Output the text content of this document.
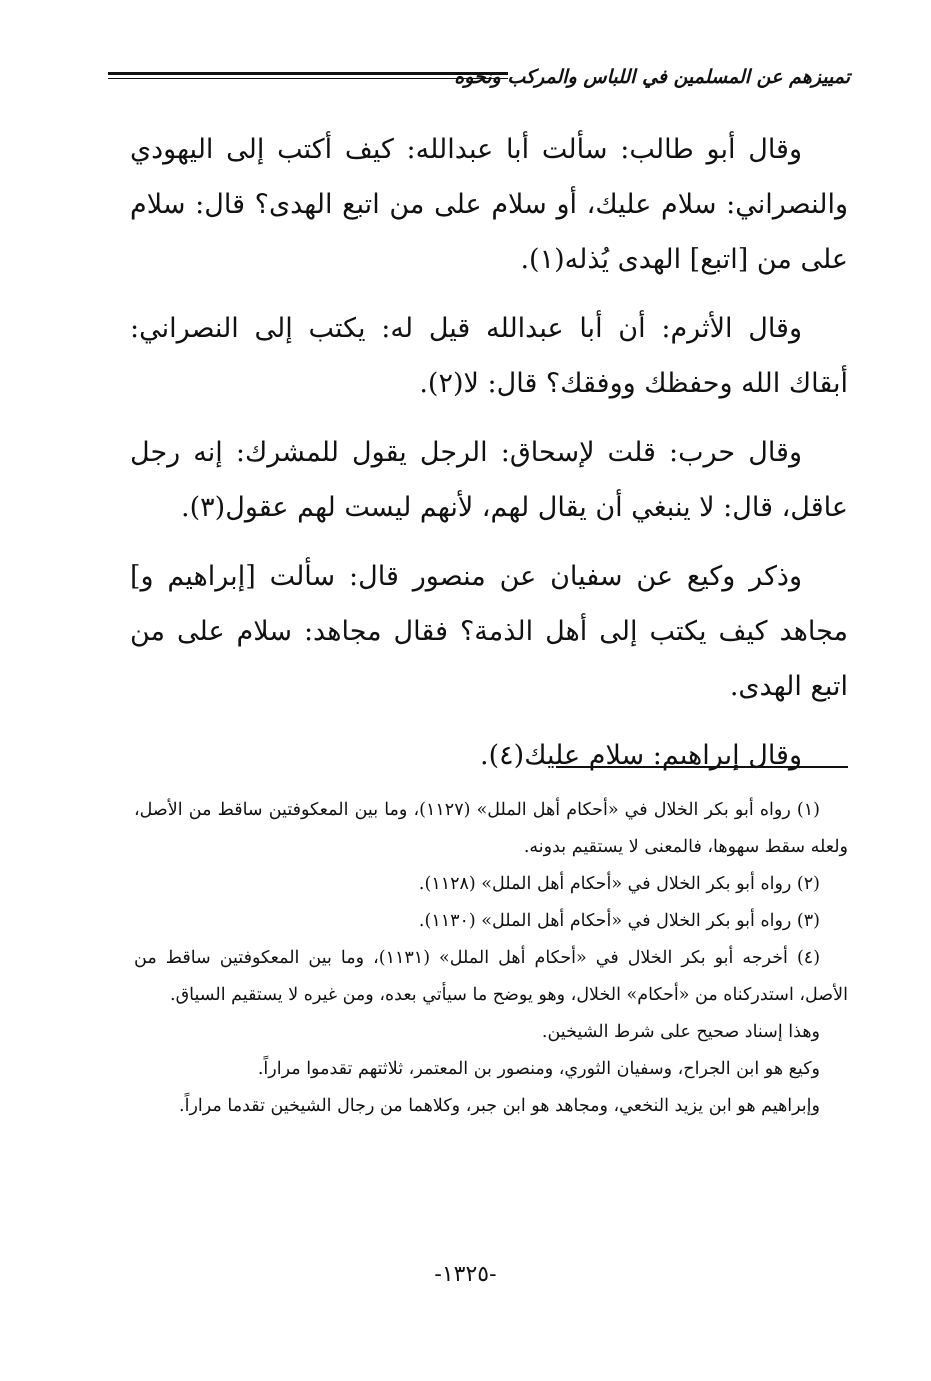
تمييزهم عن المسلمين في اللباس والمركب ونحوه

وقال أبو طالب: سألت أبا عبدالله: كيف أكتب إلى اليهودي والنصراني: سلام عليك، أو سلام على من اتبع الهدى؟ قال: سلام على من [اتبع] الهدى يُذله(١).

وقال الأثرم: أن أبا عبدالله قيل له: يكتب إلى النصراني: أبقاك الله وحفظك ووفقك؟ قال: لا(٢).

وقال حرب: قلت لإسحاق: الرجل يقول للمشرك: إنه رجل عاقل، قال: لا ينبغي أن يقال لهم، لأنهم ليست لهم عقول(٣).

وذكر وكيع عن سفيان عن منصور قال: سألت [إبراهيم و] مجاهد كيف يكتب إلى أهل الذمة؟ فقال مجاهد: سلام على من اتبع الهدى.

وقال إبراهيم: سلام عليك(٤).

(١) رواه أبو بكر الخلال في «أحكام أهل الملل» (١١٢٧)، وما بين المعكوفتين ساقط من الأصل، ولعله سقط سهوها، فالمعنى لا يستقيم بدونه.

(٢) رواه أبو بكر الخلال في «أحكام أهل الملل» (١١٢٨).

(٣) رواه أبو بكر الخلال في «أحكام أهل الملل» (١١٣٠).

(٤) أخرجه أبو بكر الخلال في «أحكام أهل الملل» (١١٣١)، وما بين المعكوفتين ساقط من الأصل، استدركناه من «أحكام» الخلال، وهو يوضح ما سيأتي بعده، ومن غيره لا يستقيم السياق.

وهذا إسناد صحيح على شرط الشيخين.

وكيع هو ابن الجراح، وسفيان الثوري، ومنصور بن المعتمر، ثلاثتهم تقدموا مراراً.

وإبراهيم هو ابن يزيد النخعي، ومجاهد هو ابن جبر، وكلاهما من رجال الشيخين تقدما مراراً.

-١٣٢٥-
